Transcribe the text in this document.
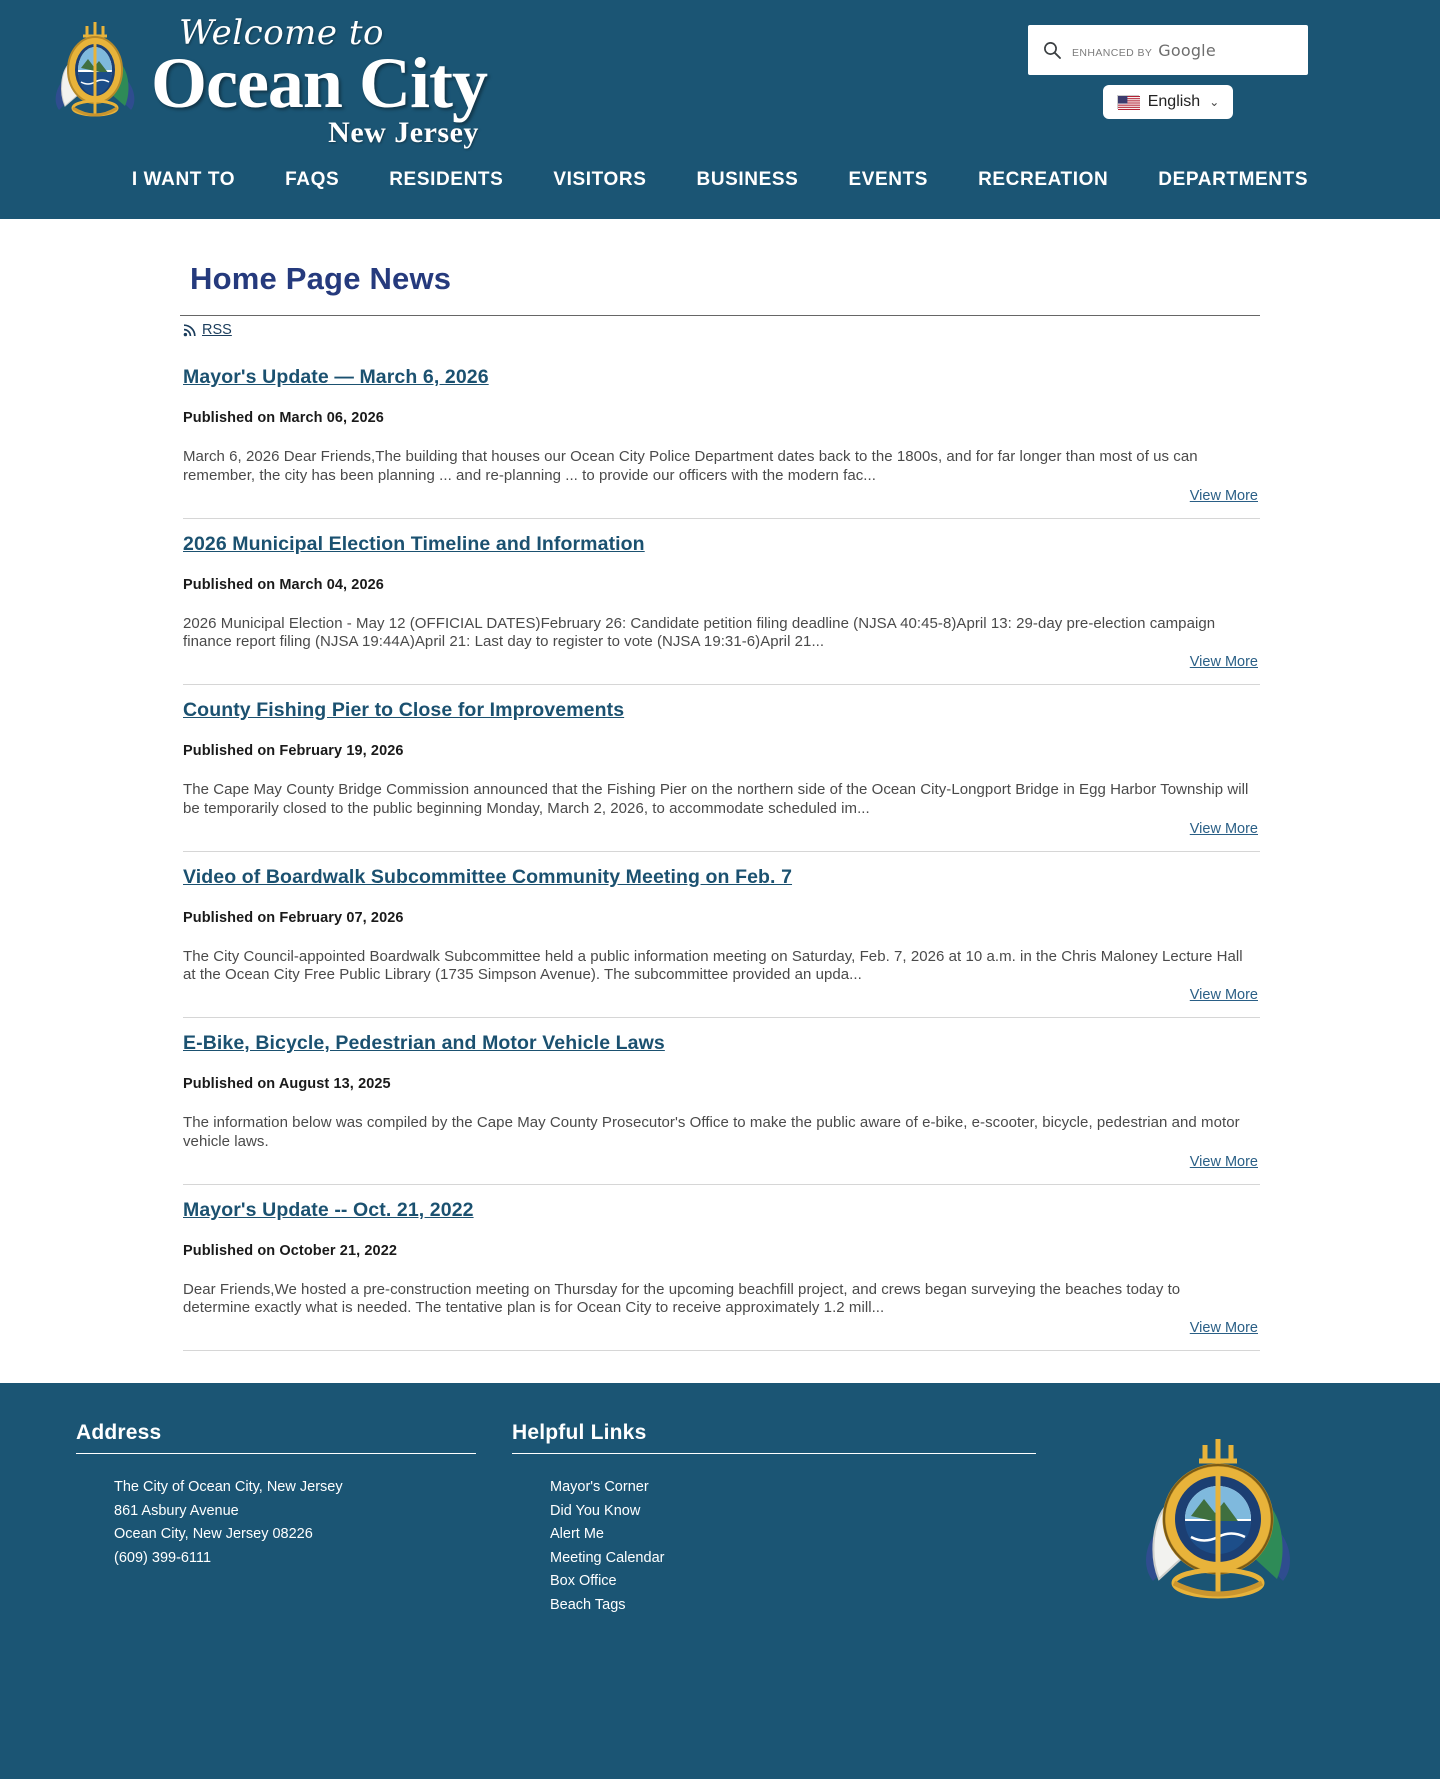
Welcome to
Ocean City
New Jersey
ENHANCED BY Google
English ⌄
I WANT TO	FAQS	RESIDENTS	VISITORS	BUSINESS	EVENTS	RECREATION	DEPARTMENTS
Home Page News
RSS
Mayor's Update — March 6, 2026
Published on March 06, 2026

March 6, 2026 Dear Friends,The building that houses our Ocean City Police Department dates back to the 1800s, and for far longer than most of us can remember, the city has been planning ... and re-planning ... to provide our officers with the modern fac...

View More
2026 Municipal Election Timeline and Information
Published on March 04, 2026

2026 Municipal Election - May 12 (OFFICIAL DATES)February 26: Candidate petition filing deadline (NJSA 40:45-8)April 13: 29-day pre-election campaign finance report filing (NJSA 19:44A)April 21: Last day to register to vote (NJSA 19:31-6)April 21...

View More
County Fishing Pier to Close for Improvements
Published on February 19, 2026

The Cape May County Bridge Commission announced that the Fishing Pier on the northern side of the Ocean City-Longport Bridge in Egg Harbor Township will be temporarily closed to the public beginning Monday, March 2, 2026, to accommodate scheduled im...

View More
Video of Boardwalk Subcommittee Community Meeting on Feb. 7
Published on February 07, 2026

The City Council-appointed Boardwalk Subcommittee held a public information meeting on Saturday, Feb. 7, 2026 at 10 a.m. in the Chris Maloney Lecture Hall at the Ocean City Free Public Library (1735 Simpson Avenue). The subcommittee provided an upda...

View More
E-Bike, Bicycle, Pedestrian and Motor Vehicle Laws
Published on August 13, 2025

The information below was compiled by the Cape May County Prosecutor's Office to make the public aware of e-bike, e-scooter, bicycle, pedestrian and motor vehicle laws.

View More
Mayor's Update -- Oct. 21, 2022
Published on October 21, 2022

Dear Friends,We hosted a pre-construction meeting on Thursday for the upcoming beachfill project, and crews began surveying the beaches today to determine exactly what is needed. The tentative plan is for Ocean City to receive approximately 1.2 mill...

View More
Address
The City of Ocean City, New Jersey
861 Asbury Avenue
Ocean City, New Jersey 08226
(609) 399-6111
Helpful Links
Mayor's Corner
Did You Know
Alert Me
Meeting Calendar
Box Office
Beach Tags
